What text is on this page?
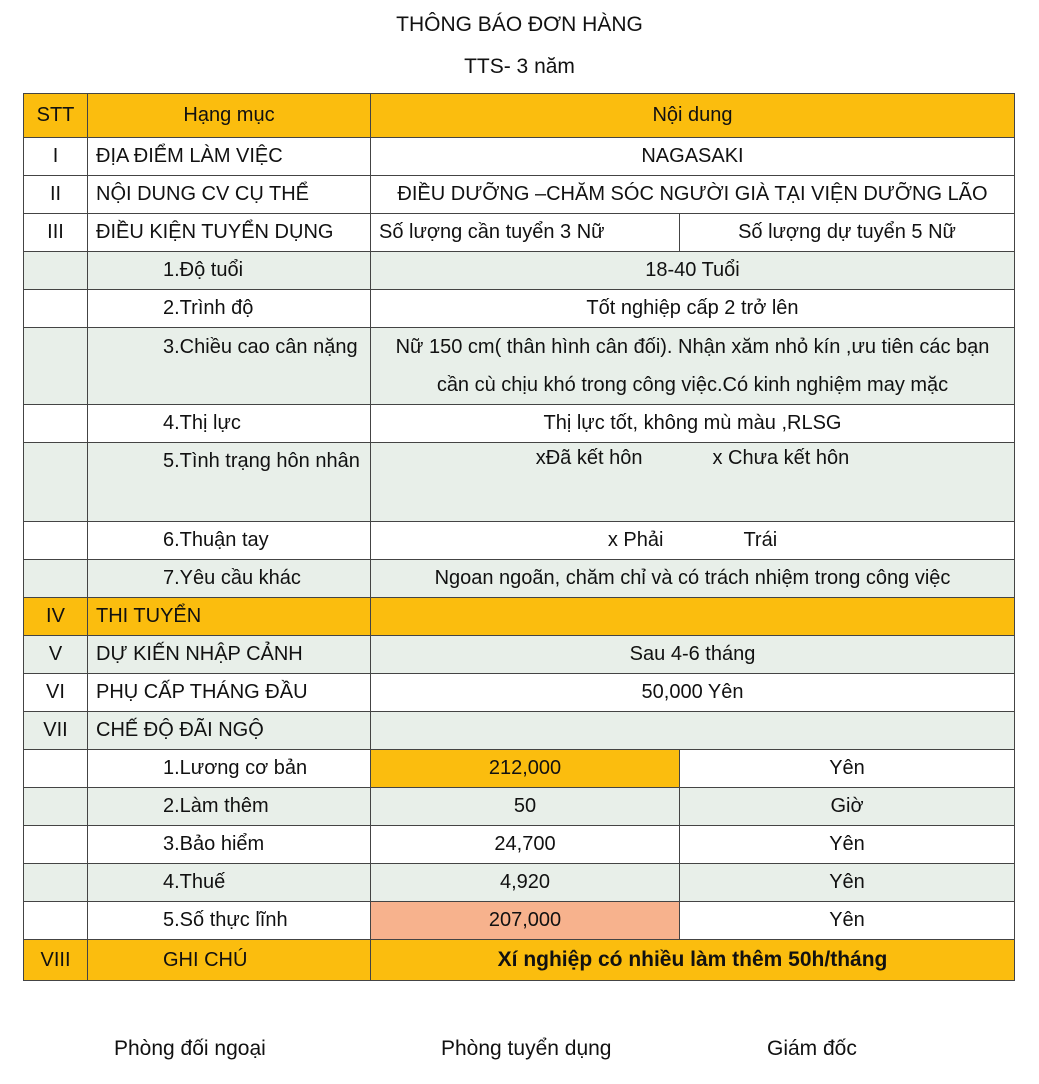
THÔNG BÁO ĐƠN HÀNG
TTS- 3 năm
STT	Hạng mục	Nội dung	
I	ĐỊA ĐIỂM LÀM VIỆC	NAGASAKI	
II	NỘI DUNG CV CỤ THỂ	ĐIỀU DƯỠNG –CHĂM SÓC NGƯỜI GIÀ TẠI VIỆN DƯỠNG LÃO	
III	ĐIỀU KIỆN TUYỂN DỤNG	Số lượng cần tuyển 3 Nữ	Số lượng dự tuyển 5 Nữ
	1.Độ tuổi	18-40 Tuổi	
	2.Trình độ	Tốt nghiệp cấp 2 trở lên	
	3.Chiều cao cân nặng	Nữ 150 cm( thân hình cân đối). Nhận xăm nhỏ kín ,ưu tiên các bạn cần cù chịu khó trong công việc.Có kinh nghiệm may mặc	
	4.Thị lực	Thị lực tốt, không mù màu ,RLSG	
	5.Tình trạng hôn nhân	xĐã kết hôn x Chưa kết hôn	
	6.Thuận tay	x Phải Trái	
	7.Yêu cầu khác	Ngoan ngoãn, chăm chỉ và có trách nhiệm trong công việc	
IV	THI TUYỂN		
V	DỰ KIẾN NHẬP CẢNH	Sau 4-6 tháng	
VI	PHỤ CẤP THÁNG ĐẦU	50,000 Yên	
VII	CHẾ ĐỘ ĐÃI NGỘ		
	1.Lương cơ bản	212,000	Yên
	2.Làm thêm	50	Giờ
	3.Bảo hiểm	24,700	Yên
	4.Thuế	4,920	Yên
	5.Số thực lĩnh	207,000	Yên
VIII	GHI CHÚ	Xí nghiệp có nhiều làm thêm 50h/tháng	
Phòng đối ngoại	Phòng tuyển dụng	Giám đốc
